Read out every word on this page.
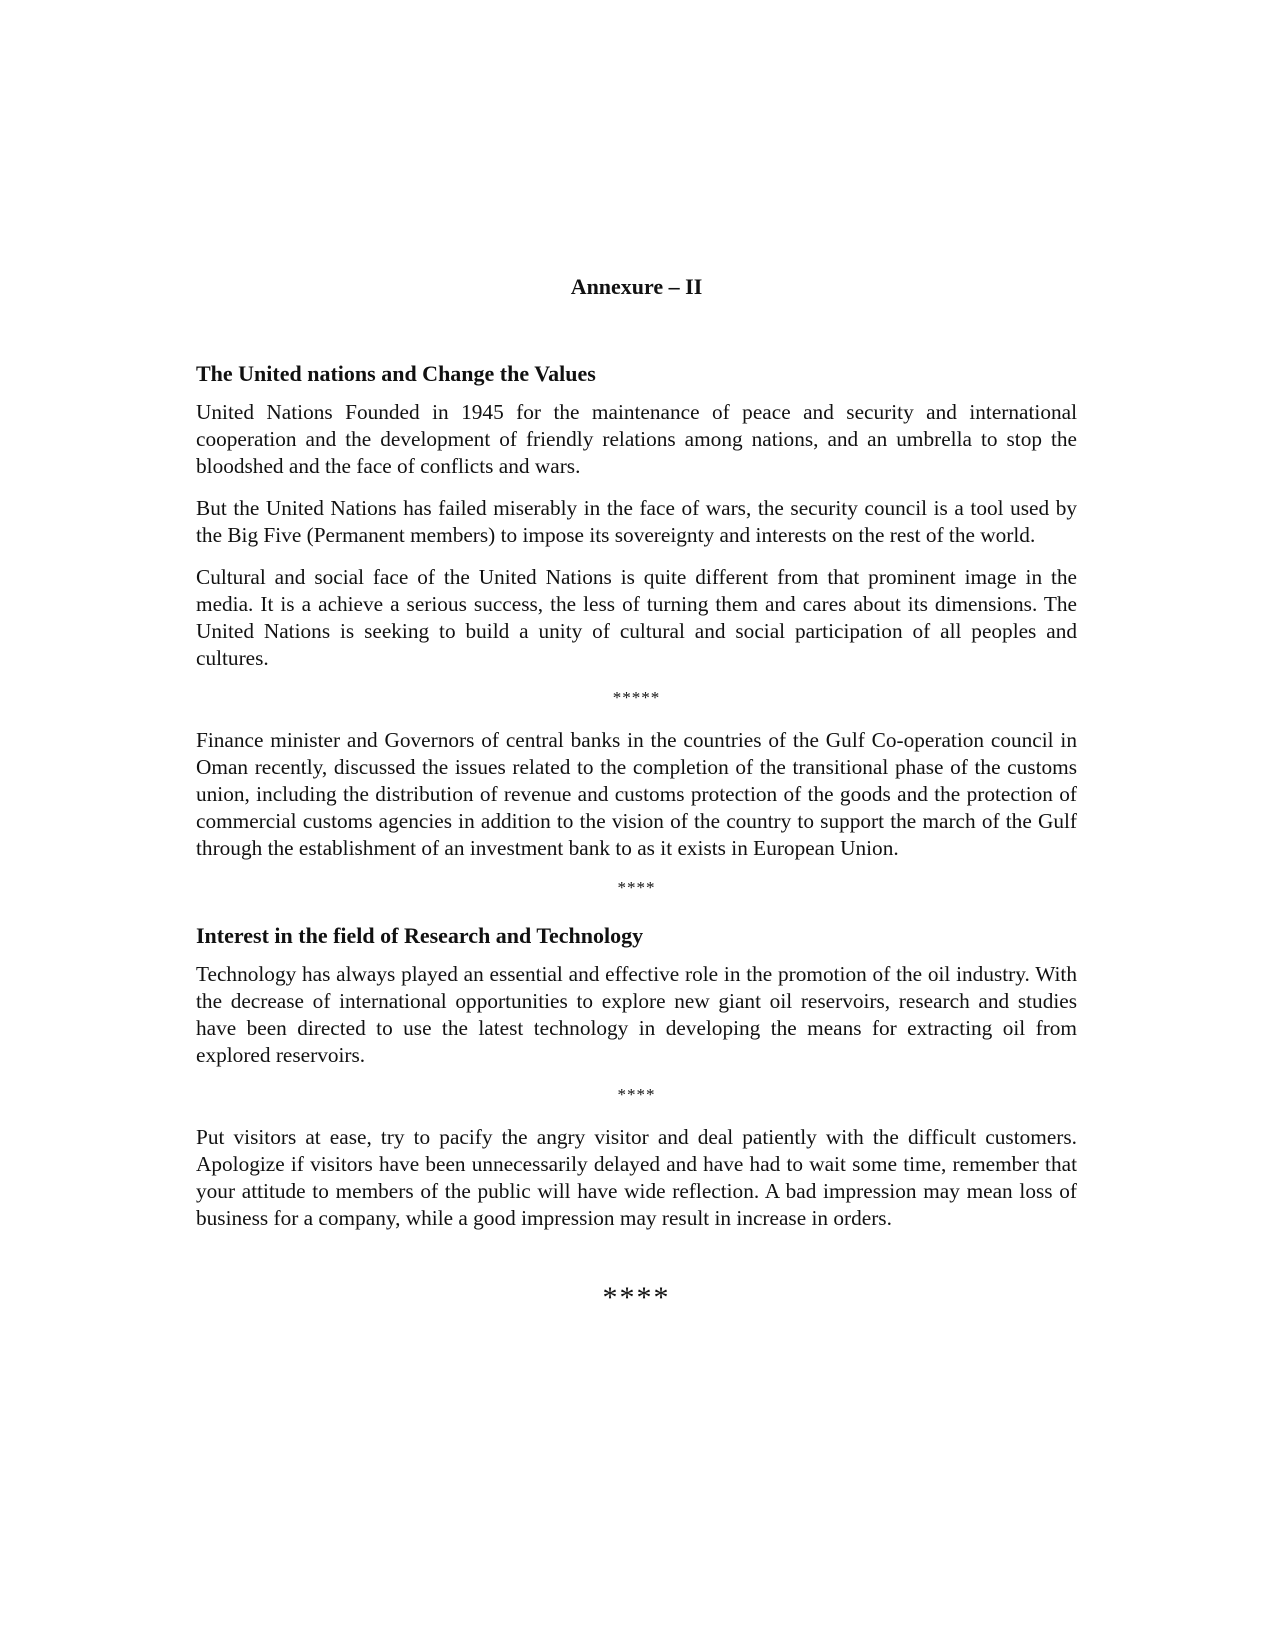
Annexure – II
The United nations and Change the Values

United Nations Founded in 1945 for the maintenance of peace and security and international cooperation and the development of friendly relations among nations, and an umbrella to stop the bloodshed and the face of conflicts and wars.

But the United Nations has failed miserably in the face of wars, the security council is a tool used by the Big Five (Permanent members) to impose its sovereignty and interests on the rest of the world.

Cultural and social face of the United Nations is quite different from that prominent image in the media. It is a achieve a serious success, the less of turning them and cares about its dimensions. The United Nations is seeking to build a unity of cultural and social participation of all peoples and cultures.

*****

Finance minister and Governors of central banks in the countries of the Gulf Co-operation council in Oman recently, discussed the issues related to the completion of the transitional phase of the customs union, including the distribution of revenue and customs protection of the goods and the protection of commercial customs agencies in addition to the vision of the country to support the march of the Gulf through the establishment of an investment bank to as it exists in European Union.

****
Interest in the field of Research and Technology

Technology has always played an essential and effective role in the promotion of the oil industry. With the decrease of international opportunities to explore new giant oil reservoirs, research and studies have been directed to use the latest technology in developing the means for extracting oil from explored reservoirs.

****

Put visitors at ease, try to pacify the angry visitor and deal patiently with the difficult customers. Apologize if visitors have been unnecessarily delayed and have had to wait some time, remember that your attitude to members of the public will have wide reflection. A bad impression may mean loss of business for a company, while a good impression may result in increase in orders.

****
